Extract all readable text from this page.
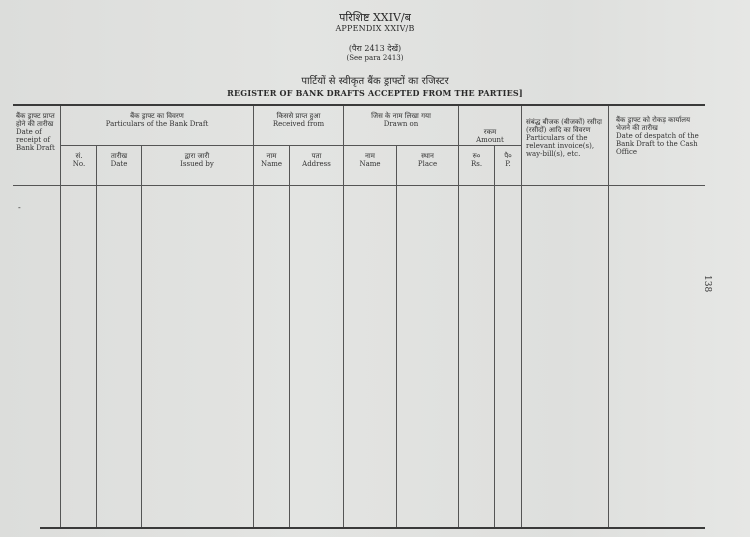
परिशिष्ट XXIV/ब
APPENDIX XXIV/B
(पैरा 2413 देखें)
(See para 2413)
पार्टियों से स्वीकृत बैंक ड्राफ्टों का रजिस्टर
REGISTER OF BANK DRAFTS ACCEPTED FROM THE PARTIES]
बैंक ड्राफ्ट प्राप्त होने की तारीख
Date of receipt of Bank Draft
बैंक ड्राफ्ट का विवरण
Particulars of the Bank Draft
सं.
No.
तारीख
Date
द्वारा जारी
Issued by
किससे प्राप्त हुआ
Received from
नाम
Name
पता
Address
जिस के नाम लिखा गया
Drawn on
नाम
Name
स्थान
Place
रकम
Amount
रु०
Rs.
पै०
P.
संबंद्ध बीजक (बीजकों) रसीदा (रसीदों) आदि का विवरण
Particulars of the relevant invoice(s), way-bill(s), etc.
बैंक ड्राफ्ट को रोकड़ कार्यालय भेजने की तारीख
Date of despatch of the Bank Draft to the Cash Office
-
138
